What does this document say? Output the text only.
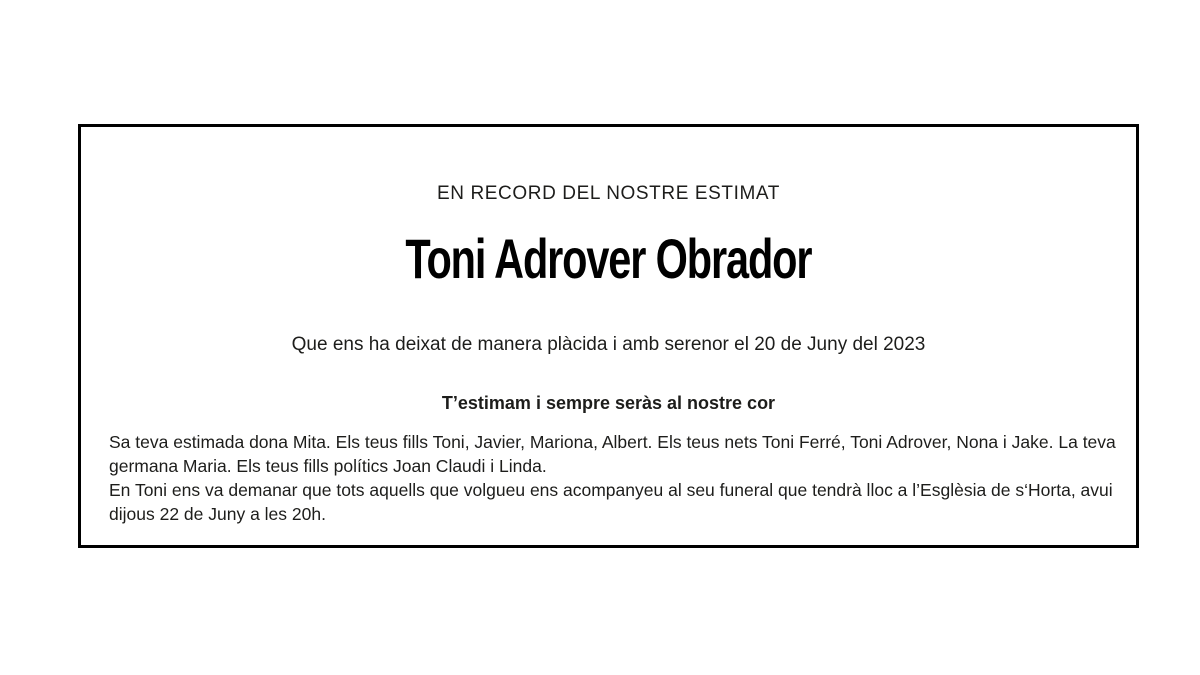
EN RECORD DEL NOSTRE ESTIMAT
Toni Adrover Obrador
Que ens ha deixat de manera plàcida i amb serenor el 20 de Juny del 2023
T’estimam i sempre seràs al nostre cor

Sa teva estimada dona Mita. Els teus fills Toni, Javier, Mariona, Albert. Els teus nets Toni Ferré, Toni Adrover, Nona i Jake. La teva germana Maria. Els teus fills polítics Joan Claudi i Linda.

En Toni ens va demanar que tots aquells que volgueu ens acompanyeu al seu funeral que tendrà lloc a l’Esglèsia de s‘Horta, avui dijous 22 de Juny a les 20h.
